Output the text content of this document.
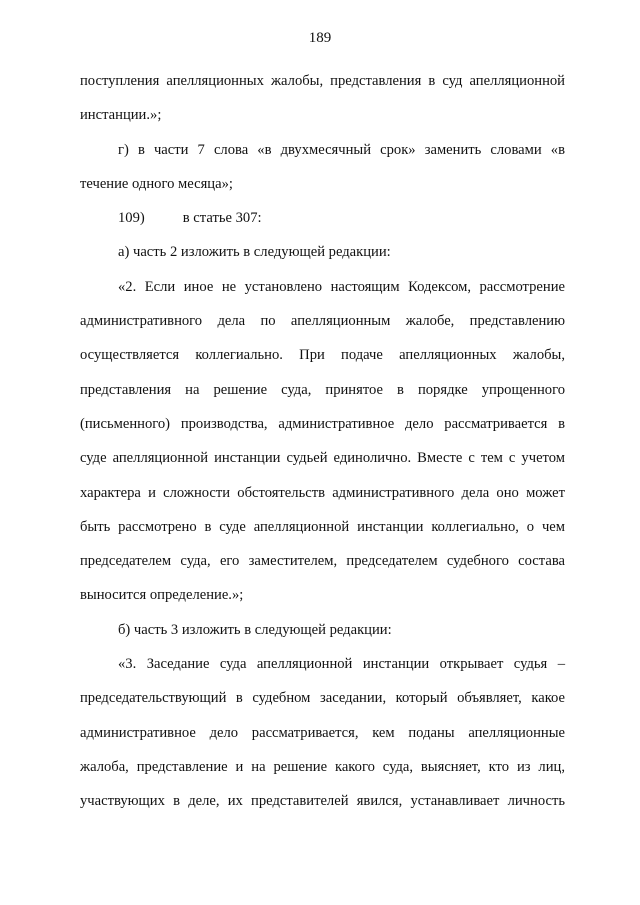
189
поступления апелляционных жалобы, представления в суд апелляционной
инстанции.»;
г) в части 7 слова «в двухмесячный срок» заменить словами «в
течение одного месяца»;
109)	в статье 307:
а) часть 2 изложить в следующей редакции:
«2. Если иное не установлено настоящим Кодексом, рассмотрение
административного дела по апелляционным жалобе, представлению
осуществляется коллегиально. При подаче апелляционных жалобы,
представления на решение суда, принятое в порядке упрощенного
(письменного) производства, административное дело рассматривается в
суде апелляционной инстанции судьей единолично. Вместе с тем с учетом
характера и сложности обстоятельств административного дела оно может
быть рассмотрено в суде апелляционной инстанции коллегиально, о чем
председателем суда, его заместителем, председателем судебного состава
выносится определение.»;
б) часть 3 изложить в следующей редакции:
«3. Заседание суда апелляционной инстанции открывает судья –
председательствующий в судебном заседании, который объявляет, какое
административное дело рассматривается, кем поданы апелляционные
жалоба, представление и на решение какого суда, выясняет, кто из лиц,
участвующих в деле, их представителей явился, устанавливает личность
